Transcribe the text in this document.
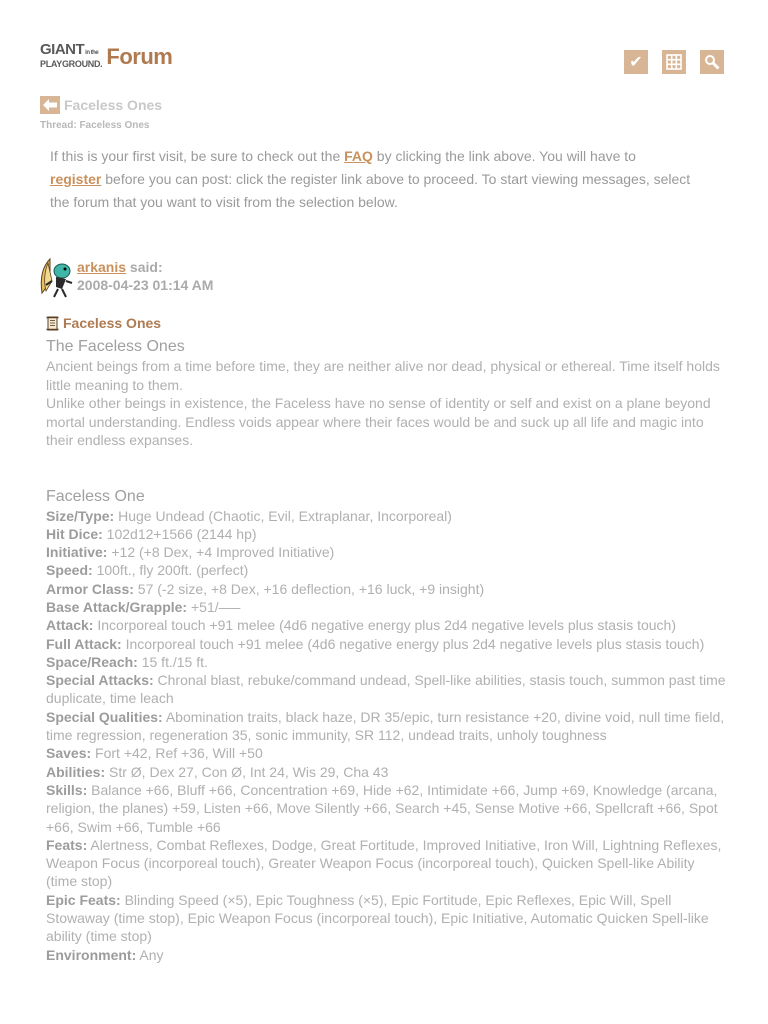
GIANTin the
PLAYGROUND. Forum	✔
Faceless Ones
Thread: Faceless Ones
If this is your first visit, be sure to check out the FAQ by clicking the link above. You will have to
register before you can post: click the register link above to proceed. To start viewing messages, select the forum that you want to visit from the selection below.
arkanis said:
2008-04-23 01:14 AM
Faceless Ones
The Faceless Ones
Ancient beings from a time before time, they are neither alive nor dead, physical or ethereal. Time itself holds little meaning to them.
Unlike other beings in existence, the Faceless have no sense of identity or self and exist on a plane beyond mortal understanding. Endless voids appear where their faces would be and suck up all life and magic into their endless expanses.
Faceless One
Size/Type: Huge Undead (Chaotic, Evil, Extraplanar, Incorporeal)
Hit Dice: 102d12+1566 (2144 hp)
Initiative: +12 (+8 Dex, +4 Improved Initiative)
Speed: 100ft., fly 200ft. (perfect)
Armor Class: 57 (-2 size, +8 Dex, +16 deflection, +16 luck, +9 insight)
Base Attack/Grapple: +51/–—
Attack: Incorporeal touch +91 melee (4d6 negative energy plus 2d4 negative levels plus stasis touch)
Full Attack: Incorporeal touch +91 melee (4d6 negative energy plus 2d4 negative levels plus stasis touch)
Space/Reach: 15 ft./15 ft.
Special Attacks: Chronal blast, rebuke/command undead, Spell-like abilities, stasis touch, summon past time duplicate, time leach
Special Qualities: Abomination traits, black haze, DR 35/epic, turn resistance +20, divine void, null time field, time regression, regeneration 35, sonic immunity, SR 112, undead traits, unholy toughness
Saves: Fort +42, Ref +36, Will +50
Abilities: Str Ø, Dex 27, Con Ø, Int 24, Wis 29, Cha 43
Skills: Balance +66, Bluff +66, Concentration +69, Hide +62, Intimidate +66, Jump +69, Knowledge (arcana, religion, the planes) +59, Listen +66, Move Silently +66, Search +45, Sense Motive +66, Spellcraft +66, Spot +66, Swim +66, Tumble +66
Feats: Alertness, Combat Reflexes, Dodge, Great Fortitude, Improved Initiative, Iron Will, Lightning Reflexes, Weapon Focus (incorporeal touch), Greater Weapon Focus (incorporeal touch), Quicken Spell-like Ability (time stop)
Epic Feats: Blinding Speed (×5), Epic Toughness (×5), Epic Fortitude, Epic Reflexes, Epic Will, Spell Stowaway (time stop), Epic Weapon Focus (incorporeal touch), Epic Initiative, Automatic Quicken Spell-like ability (time stop)
Environment: Any
